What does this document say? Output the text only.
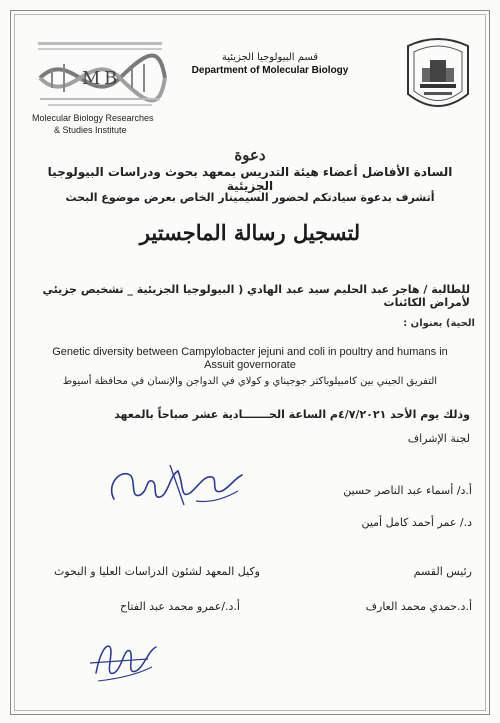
M B
قسم البيولوجيا الجزيئية
Department of Molecular Biology
Molecular Biology Researches
& Studies Institute
دعوة
السادة الأفاضل أعضاء هيئة التدريس بمعهد بحوث ودراسات البيولوجيا الجزيئية
أتشرف بدعوة سيادتكم لحضور السيمينار الخاص بعرض موضوع البحث
لتسجيل رسالة الماجستير
للطالبة / هاجر عبد الحليم سيد عبد الهادي ( البيولوجيا الجزيئية _ تشخيص جزيئي لأمراض الكائنات
الحية) بعنوان :
Genetic diversity between Campylobacter jejuni and coli in poultry and humans in Assuit governorate
التفريق الجيني بين كامبيلوباكتر جوجيناي و كولاي في الدواجن والإنسان في محافظة أسيوط
وذلك يوم الأحد ٤/٧/٢٠٢١م الساعة الحـــــــادية عشر صباحاً بالمعهد
لجنة الإشراف
أ.د/ أسماء عبد الناصر حسين
د./ عمر أحمد كامل أمين
رئيس القسم
أ.د.حمدي محمد العارف
وكيل المعهد لشئون الدراسات العليا و البحوث
أ.د./عمرو محمد عبد الفتاح
